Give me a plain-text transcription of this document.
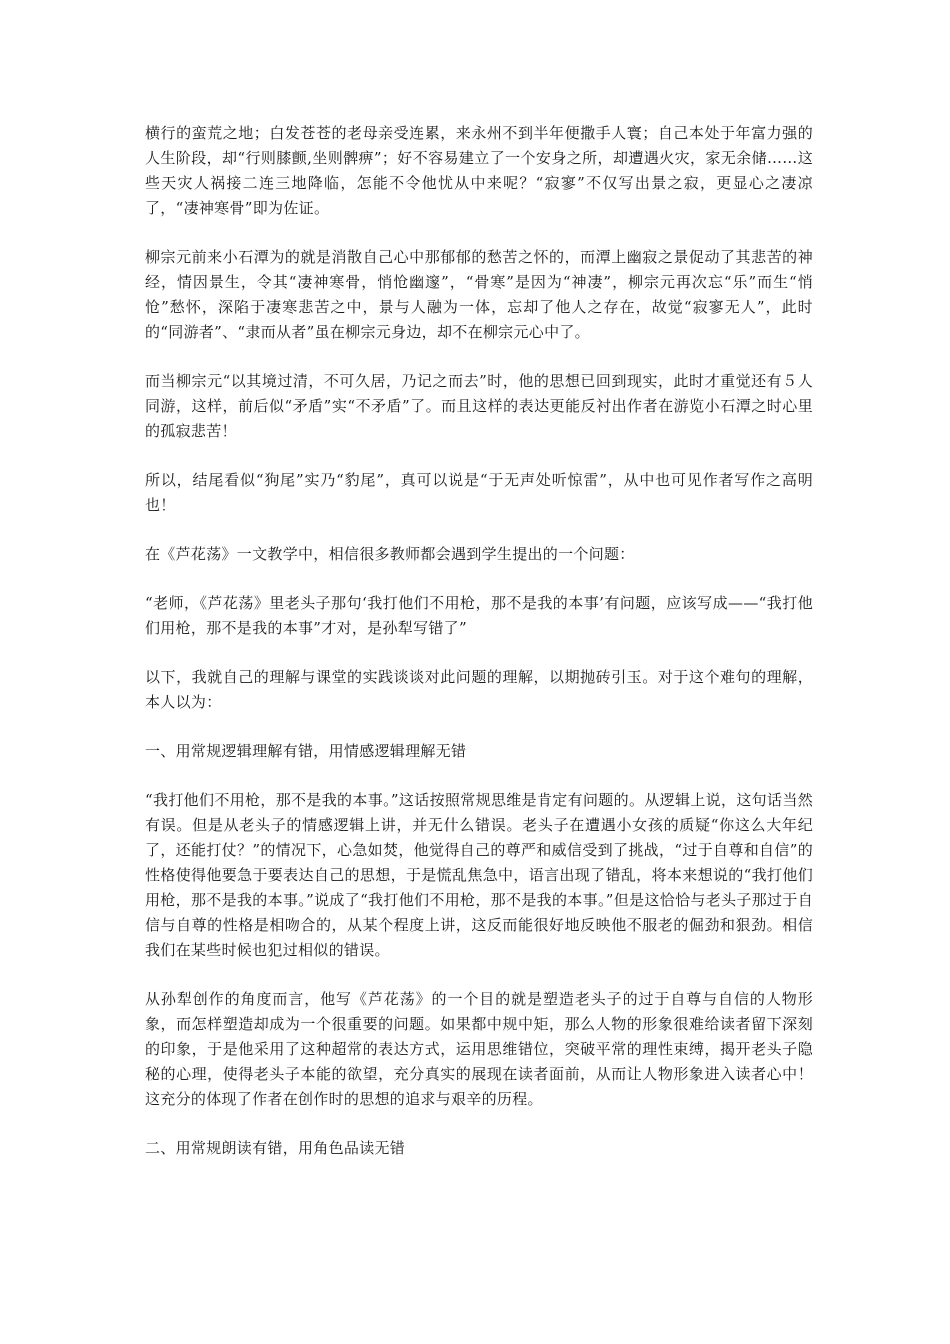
横行的蛮荒之地；白发苍苍的老母亲受连累，来永州不到半年便撒手人寰；自己本处于年富力强的人生阶段，却“行则膝颤,坐则髀痹”；好不容易建立了一个安身之所，却遭遇火灾，家无余储……这些天灾人祸接二连三地降临，怎能不令他忧从中来呢？“寂寥”不仅写出景之寂，更显心之凄凉了，“凄神寒骨”即为佐证。

柳宗元前来小石潭为的就是消散自己心中那郁郁的愁苦之怀的，而潭上幽寂之景促动了其悲苦的神经，情因景生，令其“凄神寒骨，悄怆幽邃”，“骨寒”是因为“神凄”，柳宗元再次忘“乐”而生“悄怆”愁怀，深陷于凄寒悲苦之中，景与人融为一体，忘却了他人之存在，故觉“寂寥无人”，此时的“同游者”、“隶而从者”虽在柳宗元身边，却不在柳宗元心中了。

而当柳宗元“以其境过清，不可久居，乃记之而去”时，他的思想已回到现实，此时才重觉还有５人同游，这样，前后似“矛盾”实“不矛盾”了。而且这样的表达更能反衬出作者在游览小石潭之时心里的孤寂悲苦！

所以，结尾看似“狗尾”实乃“豹尾”，真可以说是“于无声处听惊雷”，从中也可见作者写作之高明也！

在《芦花荡》一文教学中，相信很多教师都会遇到学生提出的一个问题：

“老师，《芦花荡》里老头子那句‘我打他们不用枪，那不是我的本事’有问题，应该写成——“我打他们用枪，那不是我的本事”才对，是孙犁写错了”

以下，我就自己的理解与课堂的实践谈谈对此问题的理解，以期抛砖引玉。对于这个难句的理解，本人以为：

一、用常规逻辑理解有错，用情感逻辑理解无错

“我打他们不用枪，那不是我的本事。”这话按照常规思维是肯定有问题的。从逻辑上说，这句话当然有误。但是从老头子的情感逻辑上讲，并无什么错误。老头子在遭遇小女孩的质疑“你这么大年纪了，还能打仗？”的情况下，心急如焚，他觉得自己的尊严和威信受到了挑战，“过于自尊和自信”的性格使得他要急于要表达自己的思想，于是慌乱焦急中，语言出现了错乱，将本来想说的“我打他们用枪，那不是我的本事。”说成了“我打他们不用枪，那不是我的本事。”但是这恰恰与老头子那过于自信与自尊的性格是相吻合的，从某个程度上讲，这反而能很好地反映他不服老的倔劲和狠劲。相信我们在某些时候也犯过相似的错误。

从孙犁创作的角度而言，他写《芦花荡》的一个目的就是塑造老头子的过于自尊与自信的人物形象，而怎样塑造却成为一个很重要的问题。如果都中规中矩，那么人物的形象很难给读者留下深刻的印象，于是他采用了这种超常的表达方式，运用思维错位，突破平常的理性束缚，揭开老头子隐秘的心理，使得老头子本能的欲望，充分真实的展现在读者面前，从而让人物形象进入读者心中！这充分的体现了作者在创作时的思想的追求与艰辛的历程。

二、用常规朗读有错，用角色品读无错
